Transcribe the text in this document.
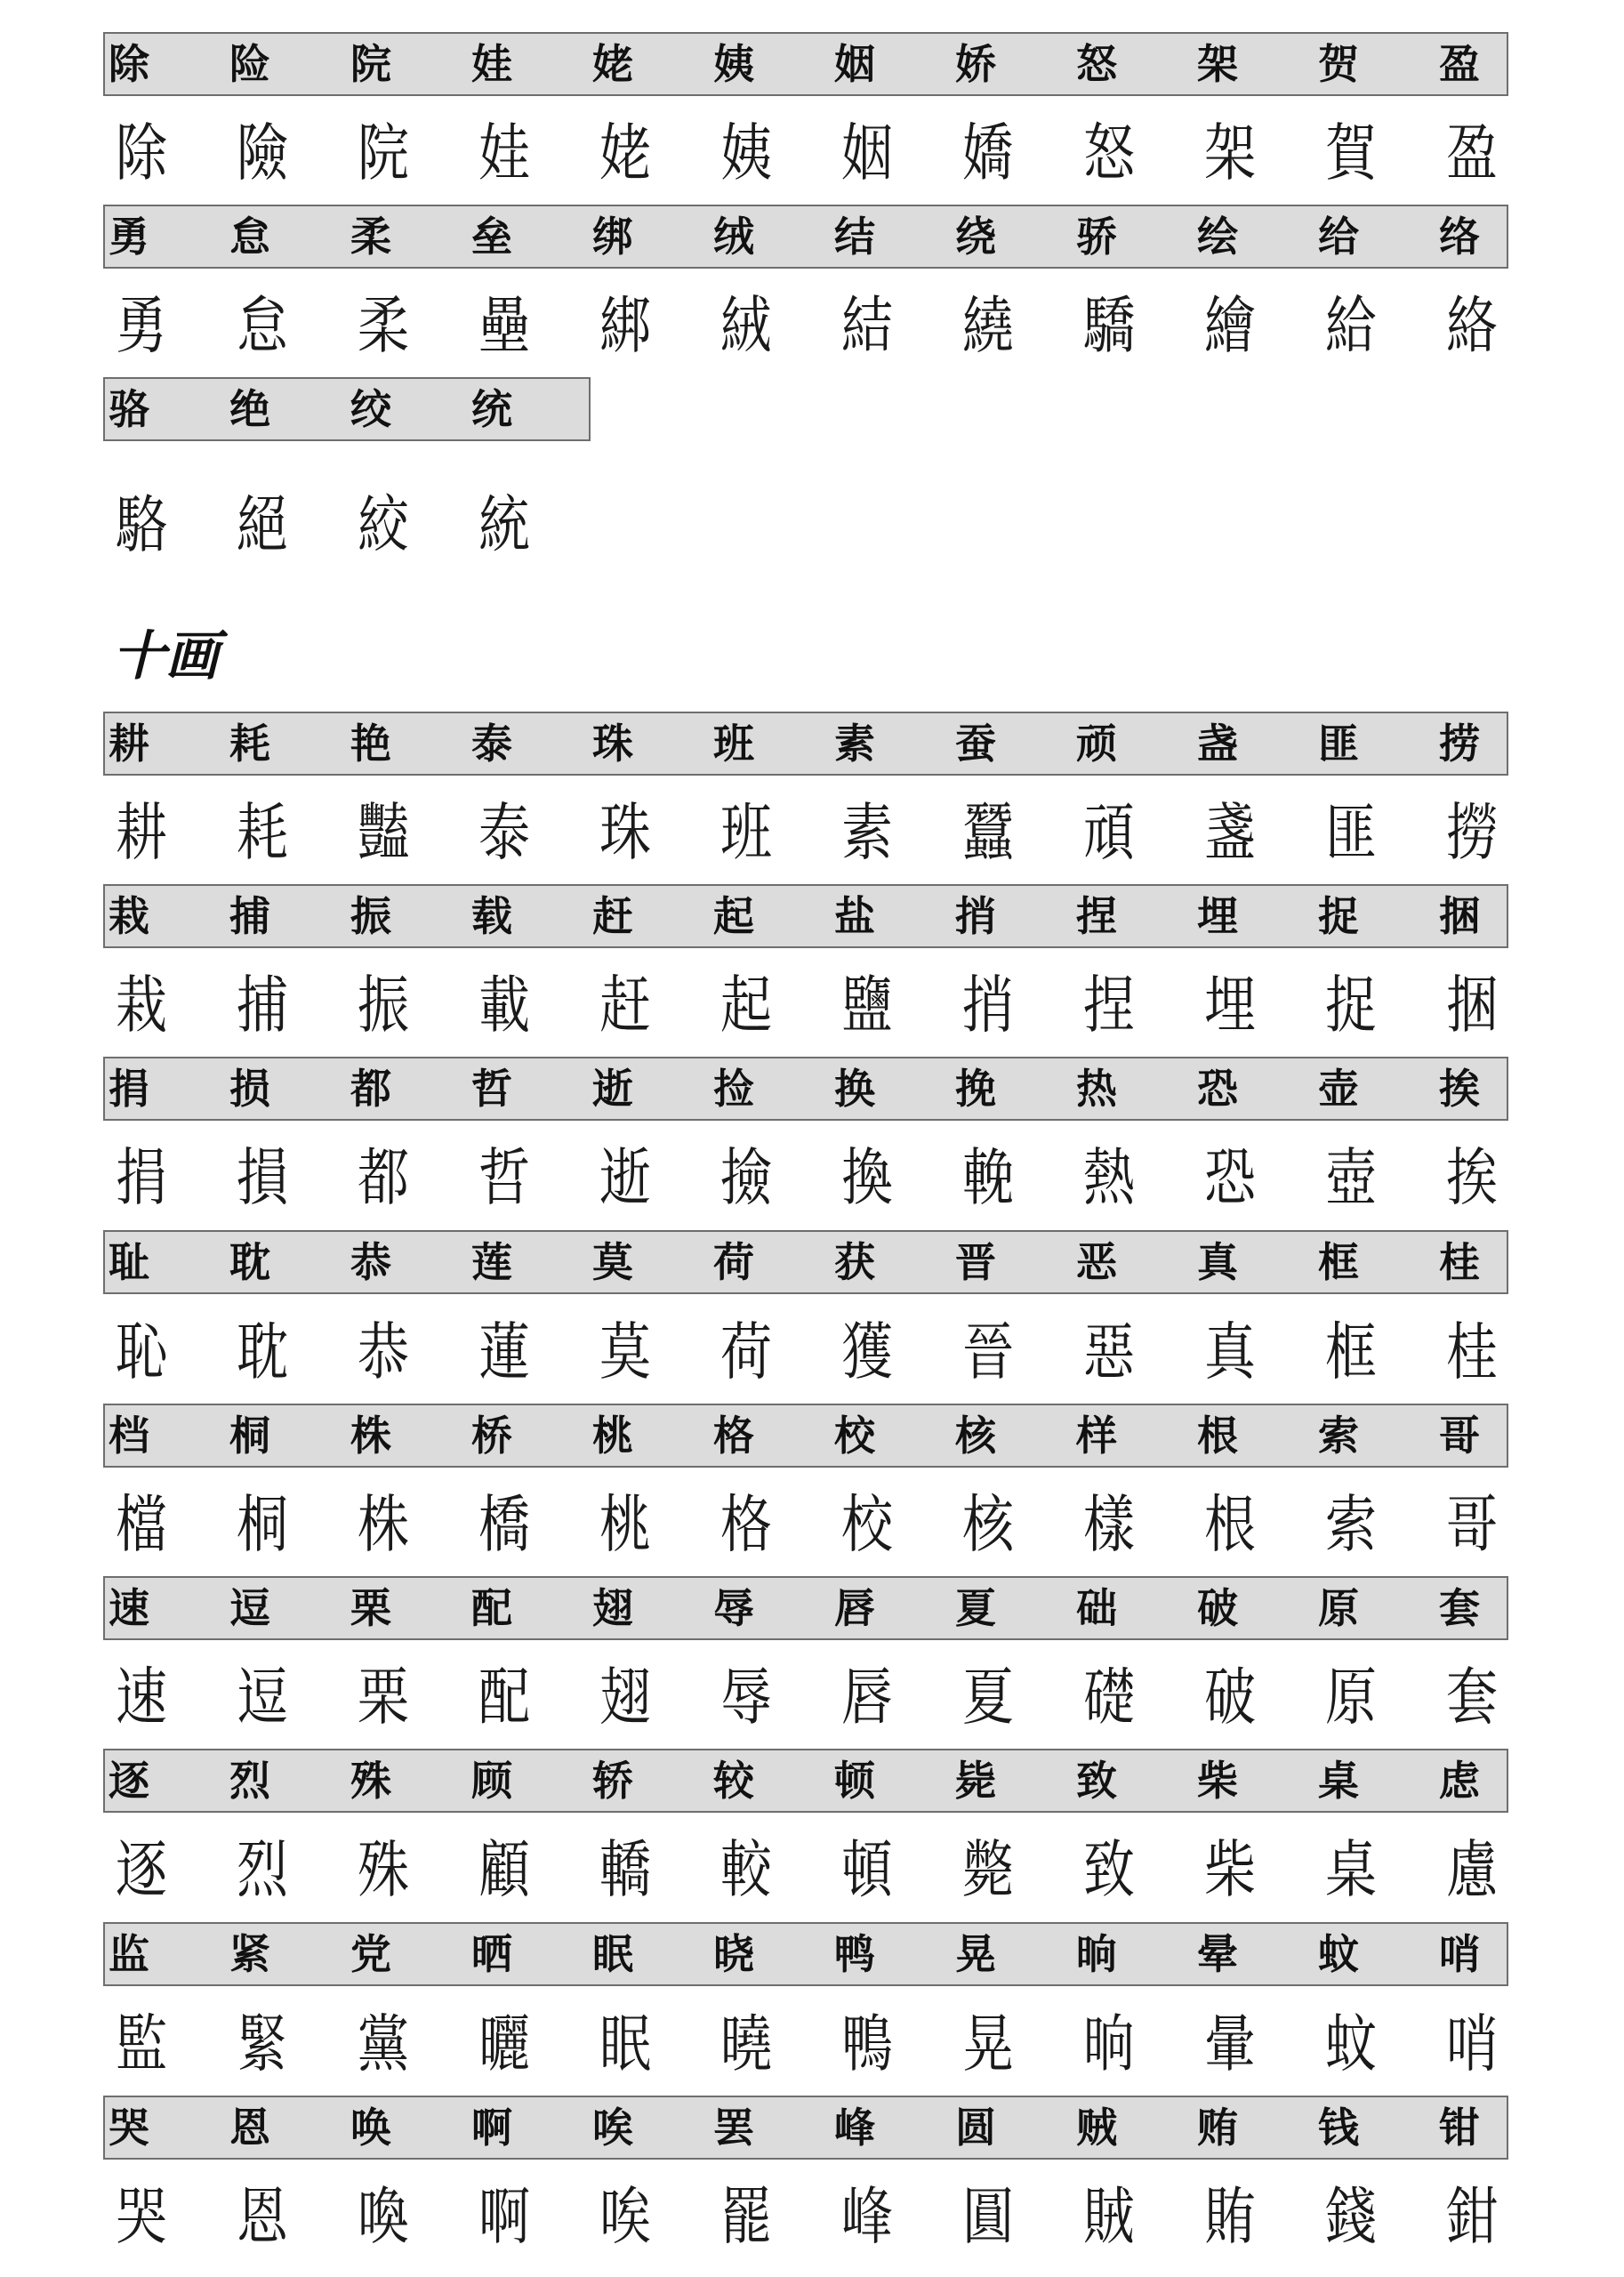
十画
除	险	院	娃	姥	姨	姻	娇	怒	架	贺	盈
除	險	院	娃	姥	姨	姻	嬌	怒	架	賀	盈
勇	怠	柔	垒	绑	绒	结	绕	骄	绘	给	络
勇	怠	柔	壘	綁	絨	結	繞	驕	繪	給	絡
骆	绝	绞	统
駱	絕	絞	統
耕	耗	艳	泰	珠	班	素	蚕	顽	盏	匪	捞
耕	耗	豔	泰	珠	班	素	蠶	頑	盞	匪	撈
栽	捕	振	载	赶	起	盐	捎	捏	埋	捉	捆
栽	捕	振	載	赶	起	鹽	捎	捏	埋	捉	捆
捐	损	都	哲	逝	捡	换	挽	热	恐	壶	挨
捐	損	都	哲	逝	撿	換	輓	熱	恐	壺	挨
耻	耽	恭	莲	莫	荷	获	晋	恶	真	框	桂
恥	耽	恭	蓮	莫	荷	獲	晉	惡	真	框	桂
档	桐	株	桥	桃	格	校	核	样	根	索	哥
檔	桐	株	橋	桃	格	校	核	樣	根	索	哥
速	逗	栗	配	翅	辱	唇	夏	础	破	原	套
速	逗	栗	配	翅	辱	唇	夏	礎	破	原	套
逐	烈	殊	顾	轿	较	顿	毙	致	柴	桌	虑
逐	烈	殊	顧	轎	較	頓	斃	致	柴	桌	慮
监	紧	党	晒	眠	晓	鸭	晃	晌	晕	蚊	哨
監	緊	黨	曬	眠	曉	鴨	晃	晌	暈	蚊	哨
哭	恩	唤	啊	唉	罢	峰	圆	贼	贿	钱	钳
哭	恩	喚	啊	唉	罷	峰	圓	賊	賄	錢	鉗
